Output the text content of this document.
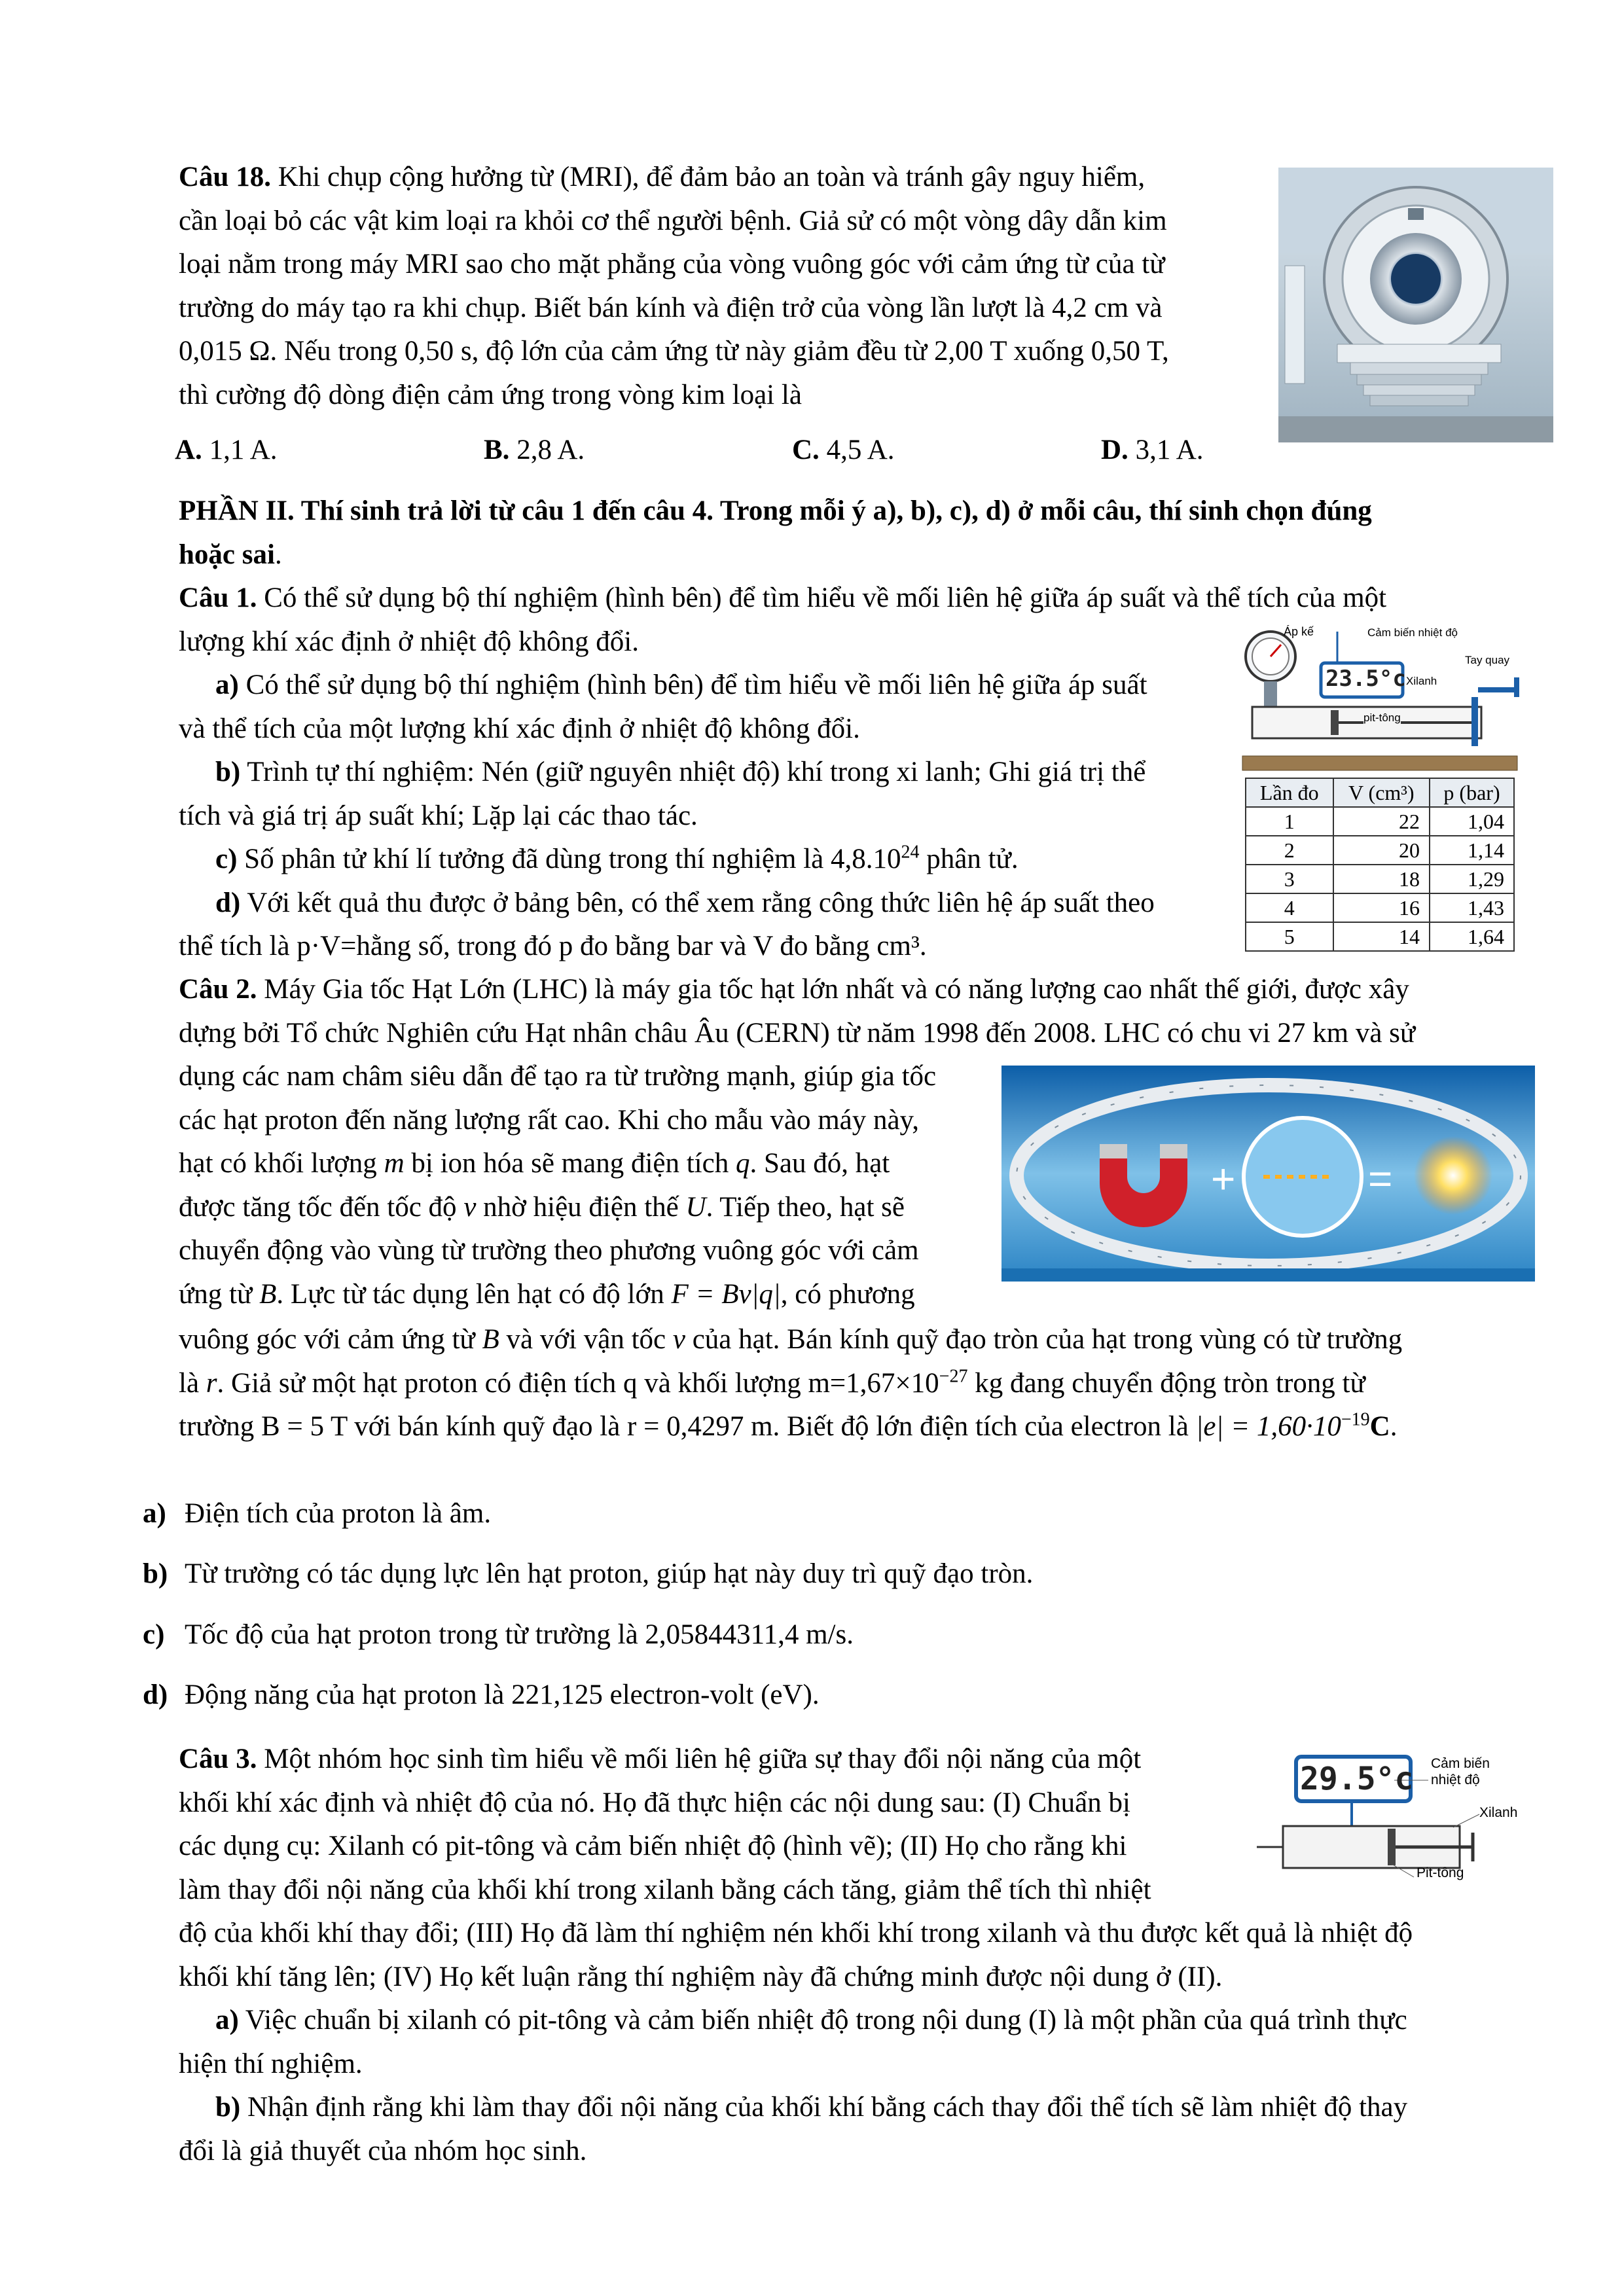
Câu 18. Khi chụp cộng hưởng từ (MRI), để đảm bảo an toàn và tránh gây nguy hiểm,
cần loại bỏ các vật kim loại ra khỏi cơ thể người bệnh. Giả sử có một vòng dây dẫn kim
loại nằm trong máy MRI sao cho mặt phẳng của vòng vuông góc với cảm ứng từ của từ
trường do máy tạo ra khi chụp. Biết bán kính và điện trở của vòng lần lượt là 4,2 cm và
0,015 Ω. Nếu trong 0,50 s, độ lớn của cảm ứng từ này giảm đều từ 2,00 T xuống 0,50 T,
thì cường độ dòng điện cảm ứng trong vòng kim loại là
A. 1,1 A.	B. 2,8 A.	C. 4,5 A.	D. 3,1 A.
PHẦN II. Thí sinh trả lời từ câu 1 đến câu 4. Trong mỗi ý a), b), c), d) ở mỗi câu, thí sinh chọn đúng
hoặc sai.
Câu 1. Có thể sử dụng bộ thí nghiệm (hình bên) để tìm hiểu về mối liên hệ giữa áp suất và thể tích của một
lượng khí xác định ở nhiệt độ không đổi.
a) Có thể sử dụng bộ thí nghiệm (hình bên) để tìm hiểu về mối liên hệ giữa áp suất
và thể tích của một lượng khí xác định ở nhiệt độ không đổi.
b) Trình tự thí nghiệm: Nén (giữ nguyên nhiệt độ) khí trong xi lanh; Ghi giá trị thể
tích và giá trị áp suất khí; Lặp lại các thao tác.
c) Số phân tử khí lí tưởng đã dùng trong thí nghiệm là 4,8.10$^{24}$ phân tử.
d) Với kết quả thu được ở bảng bên, có thể xem rằng công thức liên hệ áp suất theo
thể tích là p·V=hằng số, trong đó p đo bằng bar và V đo bằng cm³.
Áp kế	Cảm biến nhiệt độ
23.5°c
Tay quay
Xilanh
pit-tông
Lần đo	V (cm³)	p (bar)
1	22	1,04
2	20	1,14
3	18	1,29
4	16	1,43
5	14	1,64
Câu 2. Máy Gia tốc Hạt Lớn (LHC) là máy gia tốc hạt lớn nhất và có năng lượng cao nhất thế giới, được xây
dựng bởi Tổ chức Nghiên cứu Hạt nhân châu Âu (CERN) từ năm 1998 đến 2008. LHC có chu vi 27 km và sử
dụng các nam châm siêu dẫn để tạo ra từ trường mạnh, giúp gia tốc
các hạt proton đến năng lượng rất cao. Khi cho mẫu vào máy này,
hạt có khối lượng m bị ion hóa sẽ mang điện tích q. Sau đó, hạt
được tăng tốc đến tốc độ v nhờ hiệu điện thế U. Tiếp theo, hạt sẽ
chuyển động vào vùng từ trường theo phương vuông góc với cảm
ứng từ B. Lực từ tác dụng lên hạt có độ lớn F = Bv|q|, có phương
+	=
vuông góc với cảm ứng từ B và với vận tốc v của hạt. Bán kính quỹ đạo tròn của hạt trong vùng có từ trường
là r. Giả sử một hạt proton có điện tích q và khối lượng $m=1,67\times 10^{-27}$ kg đang chuyển động tròn trong từ
trường B = 5 T với bán kính quỹ đạo là r = 0,4297 m. Biết độ lớn điện tích của electron là $|e| = 1,60\cdot 10^{-19}C$.
a) Điện tích của proton là âm.
b) Từ trường có tác dụng lực lên hạt proton, giúp hạt này duy trì quỹ đạo tròn.
c) Tốc độ của hạt proton trong từ trường là 2,05844311,4 m/s.
d) Động năng của hạt proton là 221,125 electron-volt (eV).
Câu 3. Một nhóm học sinh tìm hiểu về mối liên hệ giữa sự thay đổi nội năng của một
khối khí xác định và nhiệt độ của nó. Họ đã thực hiện các nội dung sau: (I) Chuẩn bị
các dụng cụ: Xilanh có pit-tông và cảm biến nhiệt độ (hình vẽ); (II) Họ cho rằng khi
làm thay đổi nội năng của khối khí trong xilanh bằng cách tăng, giảm thể tích thì nhiệt
29.5°c Cảm biến
nhiệt độ
Xilanh
Pit-tông
độ của khối khí thay đổi; (III) Họ đã làm thí nghiệm nén khối khí trong xilanh và thu được kết quả là nhiệt độ
khối khí tăng lên; (IV) Họ kết luận rằng thí nghiệm này đã chứng minh được nội dung ở (II).
a) Việc chuẩn bị xilanh có pit-tông và cảm biến nhiệt độ trong nội dung (I) là một phần của quá trình thực
hiện thí nghiệm.
b) Nhận định rằng khi làm thay đổi nội năng của khối khí bằng cách thay đổi thể tích sẽ làm nhiệt độ thay
đổi là giả thuyết của nhóm học sinh.
